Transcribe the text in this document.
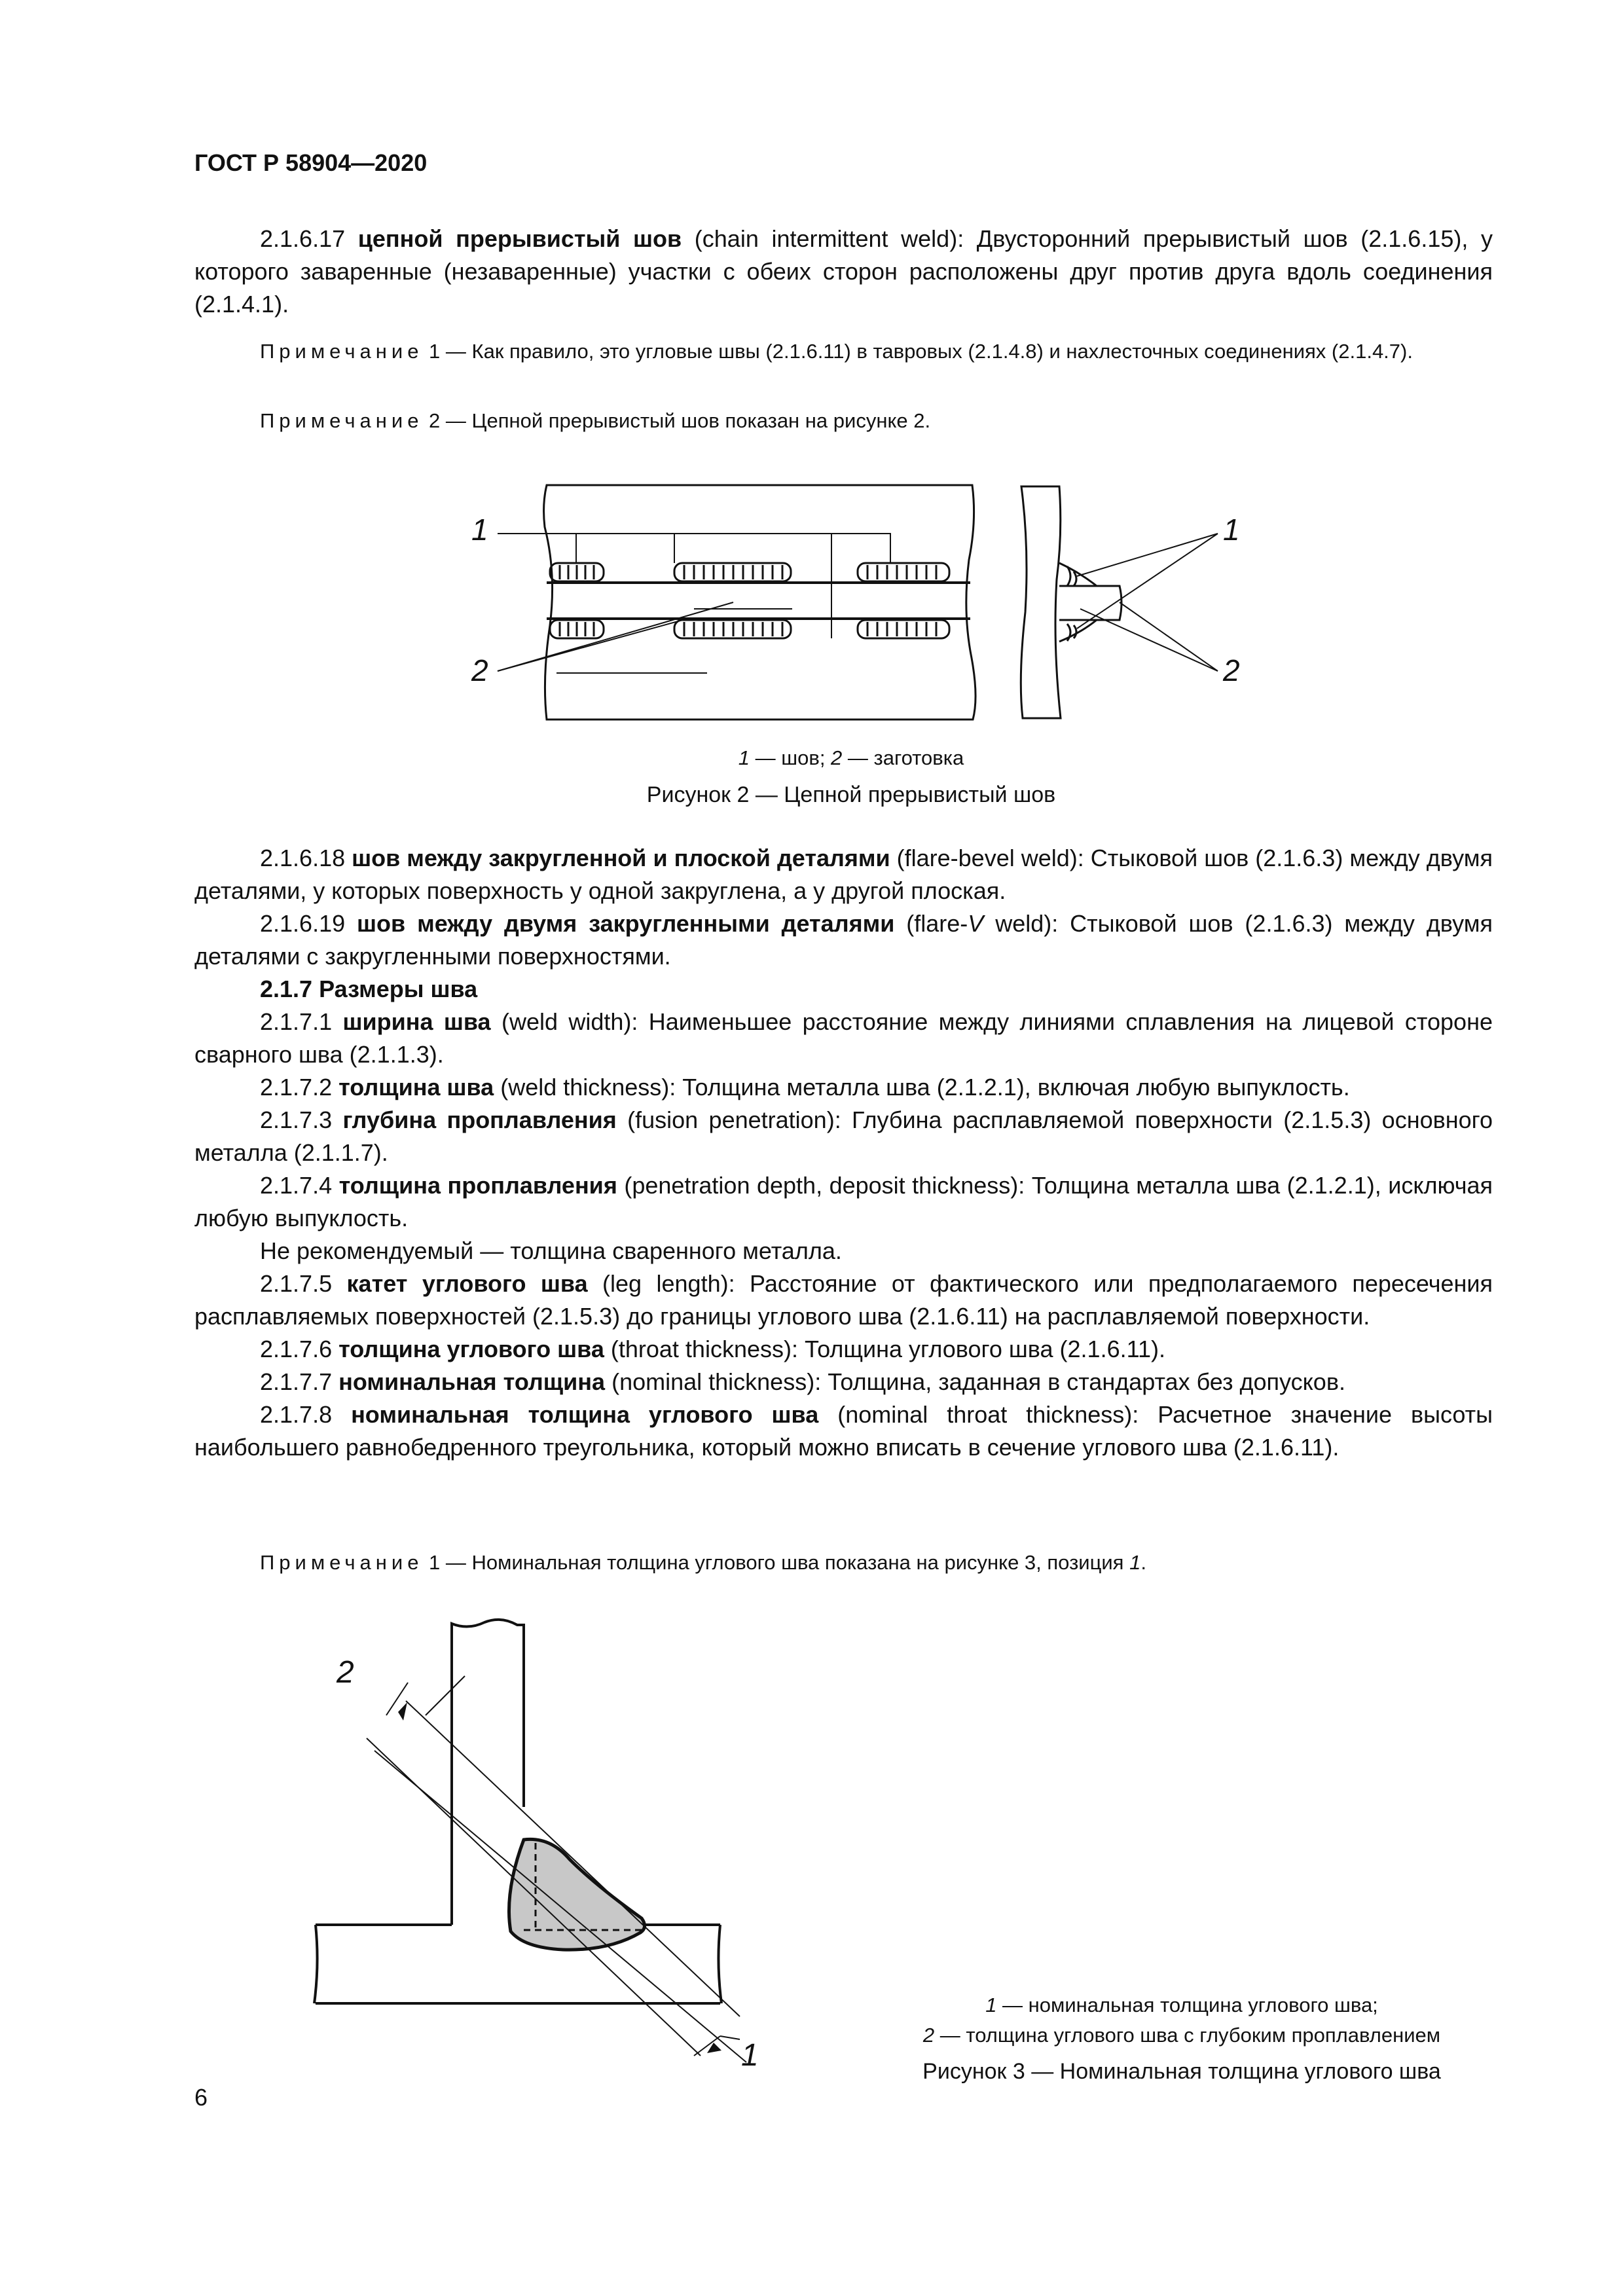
ГОСТ Р 58904—2020

2.1.6.17 цепной прерывистый шов (chain intermittent weld): Двусторонний прерывистый шов (2.1.6.15), у которого заваренные (незаваренные) участки с обеих сторон расположены друг против друга вдоль соединения (2.1.4.1).

Примечание 1 — Как правило, это угловые швы (2.1.6.11) в тавровых (2.1.4.8) и нахлесточных соединениях (2.1.4.7).

Примечание 2 — Цепной прерывистый шов показан на рисунке 2.

1
2
1
2
1 — шов; 2 — заготовка
Рисунок 2 — Цепной прерывистый шов

2.1.6.18 шов между закругленной и плоской деталями (flare-bevel weld): Стыковой шов (2.1.6.3) между двумя деталями, у которых поверхность у одной закруглена, а у другой плоская.

2.1.6.19 шов между двумя закругленными деталями (flare-V weld): Стыковой шов (2.1.6.3) между двумя деталями с закругленными поверхностями.

2.1.7 Размеры шва

2.1.7.1 ширина шва (weld width): Наименьшее расстояние между линиями сплавления на лицевой стороне сварного шва (2.1.1.3).

2.1.7.2 толщина шва (weld thickness): Толщина металла шва (2.1.2.1), включая любую выпуклость.

2.1.7.3 глубина проплавления (fusion penetration): Глубина расплавляемой поверхности (2.1.5.3) основного металла (2.1.1.7).

2.1.7.4 толщина проплавления (penetration depth, deposit thickness): Толщина металла шва (2.1.2.1), исключая любую выпуклость.

Не рекомендуемый — толщина сваренного металла.

2.1.7.5 катет углового шва (leg length): Расстояние от фактического или предполагаемого пересечения расплавляемых поверхностей (2.1.5.3) до границы углового шва (2.1.6.11) на расплавляемой поверхности.

2.1.7.6 толщина углового шва (throat thickness): Толщина углового шва (2.1.6.11).

2.1.7.7 номинальная толщина (nominal thickness): Толщина, заданная в стандартах без допусков.

2.1.7.8 номинальная толщина углового шва (nominal throat thickness): Расчетное значение высоты наибольшего равнобедренного треугольника, который можно вписать в сечение углового шва (2.1.6.11).

Примечание 1 — Номинальная толщина углового шва показана на рисунке 3, позиция 1.

2
1
1 — номинальная толщина углового шва;
2 — толщина углового шва с глубоким проплавлением
Рисунок 3 — Номинальная толщина углового шва
6
